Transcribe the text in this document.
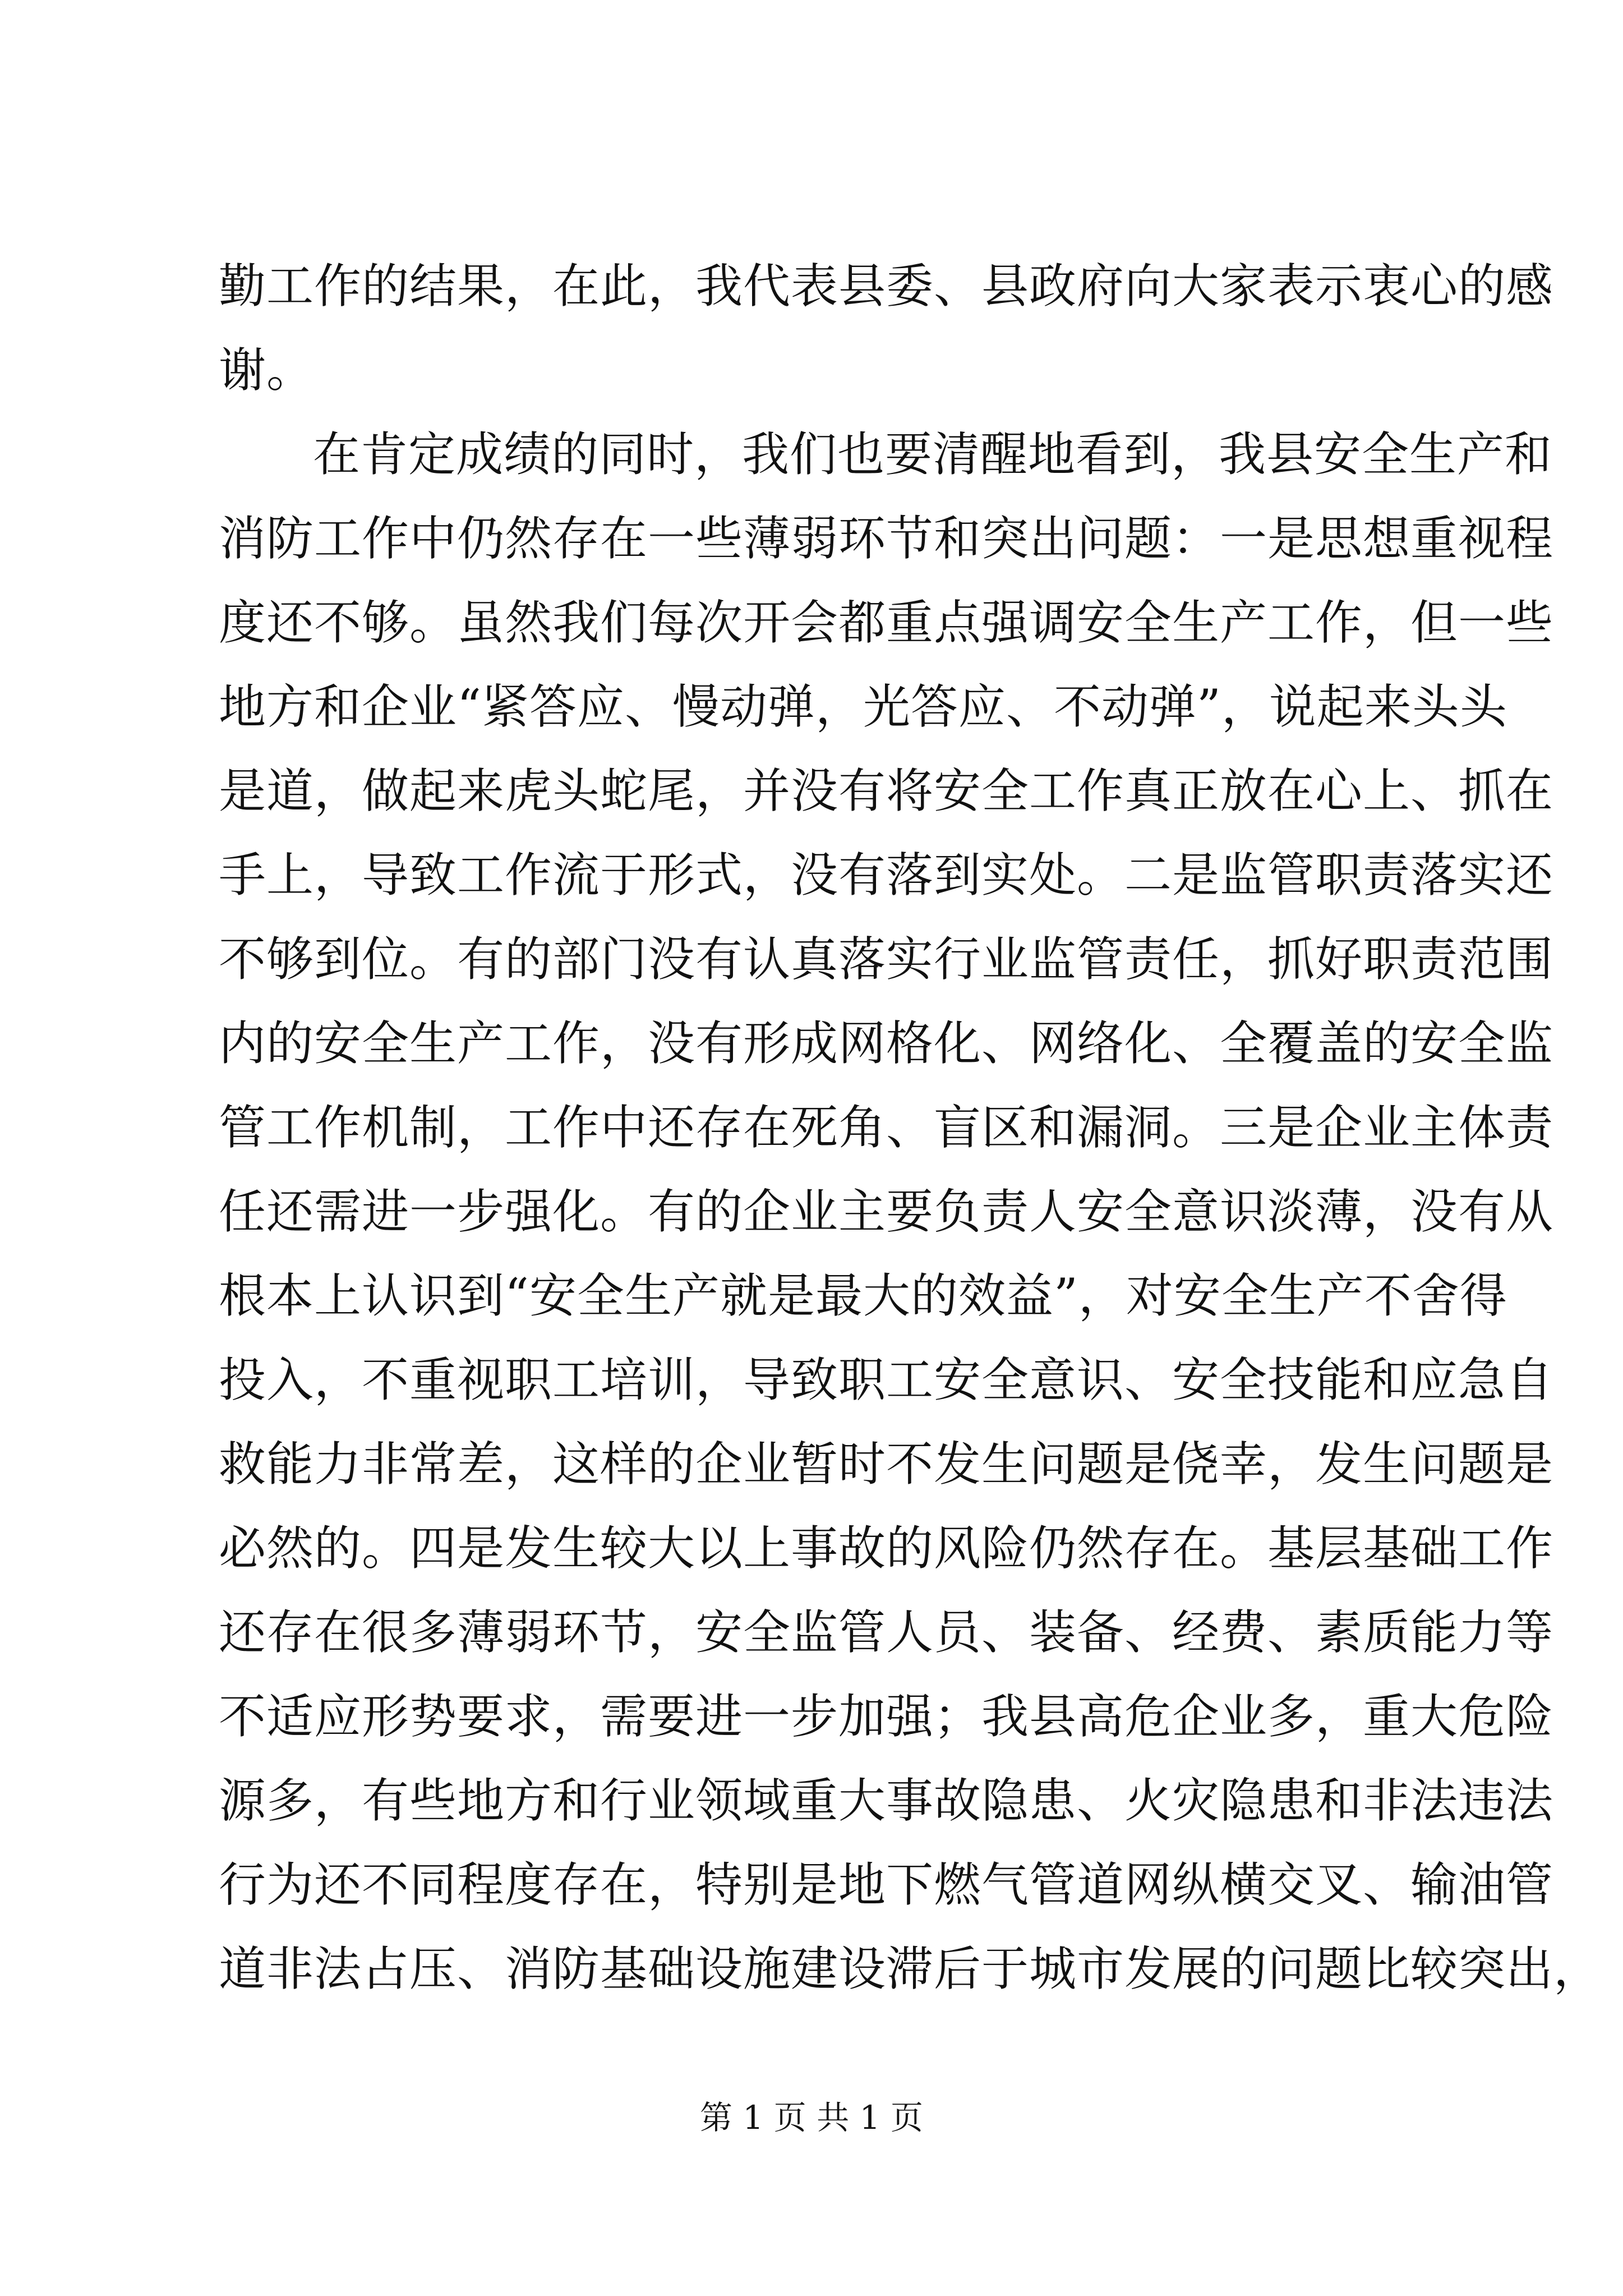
勤工作的结果，在此，我代表县委、县政府向大家表示衷心的感
谢。
在肯定成绩的同时，我们也要清醒地看到，我县安全生产和
消防工作中仍然存在一些薄弱环节和突出问题：一是思想重视程
度还不够。虽然我们每次开会都重点强调安全生产工作，但一些
地方和企业“紧答应、慢动弹，光答应、不动弹”，说起来头头
是道，做起来虎头蛇尾，并没有将安全工作真正放在心上、抓在
手上，导致工作流于形式，没有落到实处。二是监管职责落实还
不够到位。有的部门没有认真落实行业监管责任，抓好职责范围
内的安全生产工作，没有形成网格化、网络化、全覆盖的安全监
管工作机制，工作中还存在死角、盲区和漏洞。三是企业主体责
任还需进一步强化。有的企业主要负责人安全意识淡薄，没有从
根本上认识到“安全生产就是最大的效益”，对安全生产不舍得
投入，不重视职工培训，导致职工安全意识、安全技能和应急自
救能力非常差，这样的企业暂时不发生问题是侥幸，发生问题是
必然的。四是发生较大以上事故的风险仍然存在。基层基础工作
还存在很多薄弱环节，安全监管人员、装备、经费、素质能力等
不适应形势要求，需要进一步加强；我县高危企业多，重大危险
源多，有些地方和行业领域重大事故隐患、火灾隐患和非法违法
行为还不同程度存在，特别是地下燃气管道网纵横交叉、输油管
道非法占压、消防基础设施建设滞后于城市发展的问题比较突出，
第 1 页 共 1 页
